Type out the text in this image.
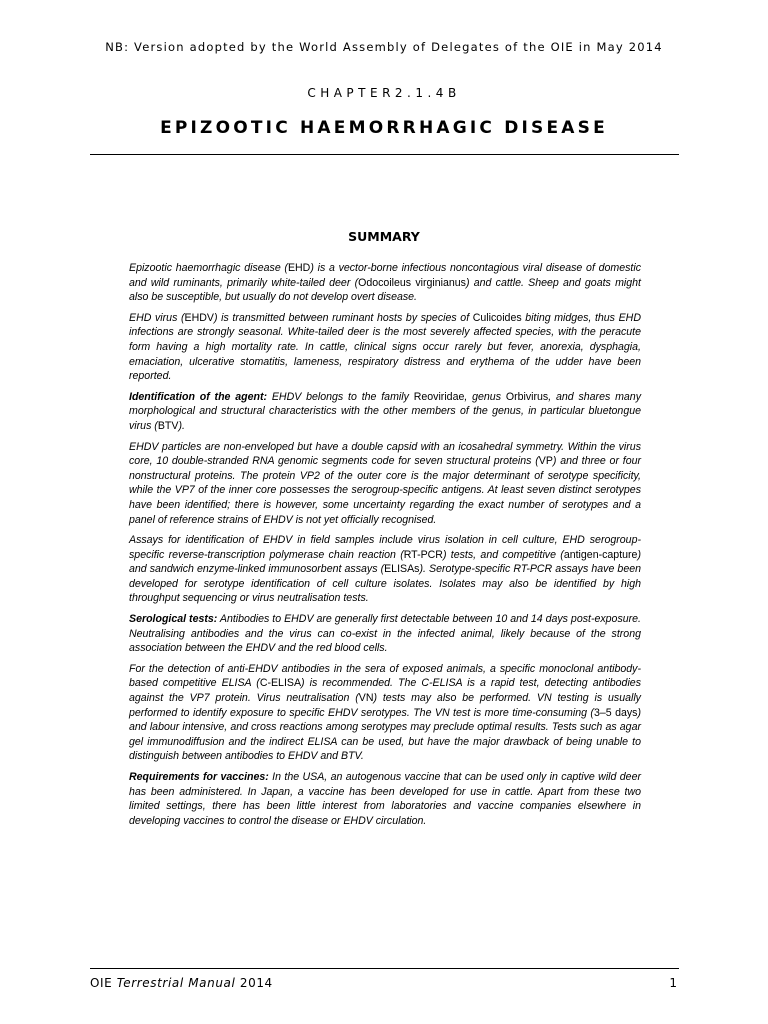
NB: Version adopted by the World Assembly of Delegates of the OIE in May 2014
CHAPTER2.1.4B
EPIZOOTIC HAEMORRHAGIC DISEASE
SUMMARY

Epizootic haemorrhagic disease (EHD) is a vector-borne infectious noncontagious viral disease of domestic and wild ruminants, primarily white-tailed deer (Odocoileus virginianus) and cattle. Sheep and goats might also be susceptible, but usually do not develop overt disease.

EHD virus (EHDV) is transmitted between ruminant hosts by species of Culicoides biting midges, thus EHD infections are strongly seasonal. White-tailed deer is the most severely affected species, with the peracute form having a high mortality rate. In cattle, clinical signs occur rarely but fever, anorexia, dysphagia, emaciation, ulcerative stomatitis, lameness, respiratory distress and erythema of the udder have been reported.

Identification of the agent: EHDV belongs to the family Reoviridae, genus Orbivirus, and shares many morphological and structural characteristics with the other members of the genus, in particular bluetongue virus (BTV).

EHDV particles are non-enveloped but have a double capsid with an icosahedral symmetry. Within the virus core, 10 double-stranded RNA genomic segments code for seven structural proteins (VP) and three or four nonstructural proteins. The protein VP2 of the outer core is the major determinant of serotype specificity, while the VP7 of the inner core possesses the serogroup-specific antigens. At least seven distinct serotypes have been identified; there is however, some uncertainty regarding the exact number of serotypes and a panel of reference strains of EHDV is not yet officially recognised.

Assays for identification of EHDV in field samples include virus isolation in cell culture, EHD serogroup-specific reverse-transcription polymerase chain reaction (RT-PCR) tests, and competitive (antigen-capture) and sandwich enzyme-linked immunosorbent assays (ELISAs). Serotype-specific RT-PCR assays have been developed for serotype identification of cell culture isolates. Isolates may also be identified by high throughput sequencing or virus neutralisation tests.

Serological tests: Antibodies to EHDV are generally first detectable between 10 and 14 days post-exposure. Neutralising antibodies and the virus can co-exist in the infected animal, likely because of the strong association between the EHDV and the red blood cells.

For the detection of anti-EHDV antibodies in the sera of exposed animals, a specific monoclonal antibody-based competitive ELISA (C-ELISA) is recommended. The C-ELISA is a rapid test, detecting antibodies against the VP7 protein. Virus neutralisation (VN) tests may also be performed. VN testing is usually performed to identify exposure to specific EHDV serotypes. The VN test is more time-consuming (3–5 days) and labour intensive, and cross reactions among serotypes may preclude optimal results. Tests such as agar gel immunodiffusion and the indirect ELISA can be used, but have the major drawback of being unable to distinguish between antibodies to EHDV and BTV.

Requirements for vaccines: In the USA, an autogenous vaccine that can be used only in captive wild deer has been administered. In Japan, a vaccine has been developed for use in cattle. Apart from these two limited settings, there has been little interest from laboratories and vaccine companies elsewhere in developing vaccines to control the disease or EHDV circulation.

OIE Terrestrial Manual 2014	1
